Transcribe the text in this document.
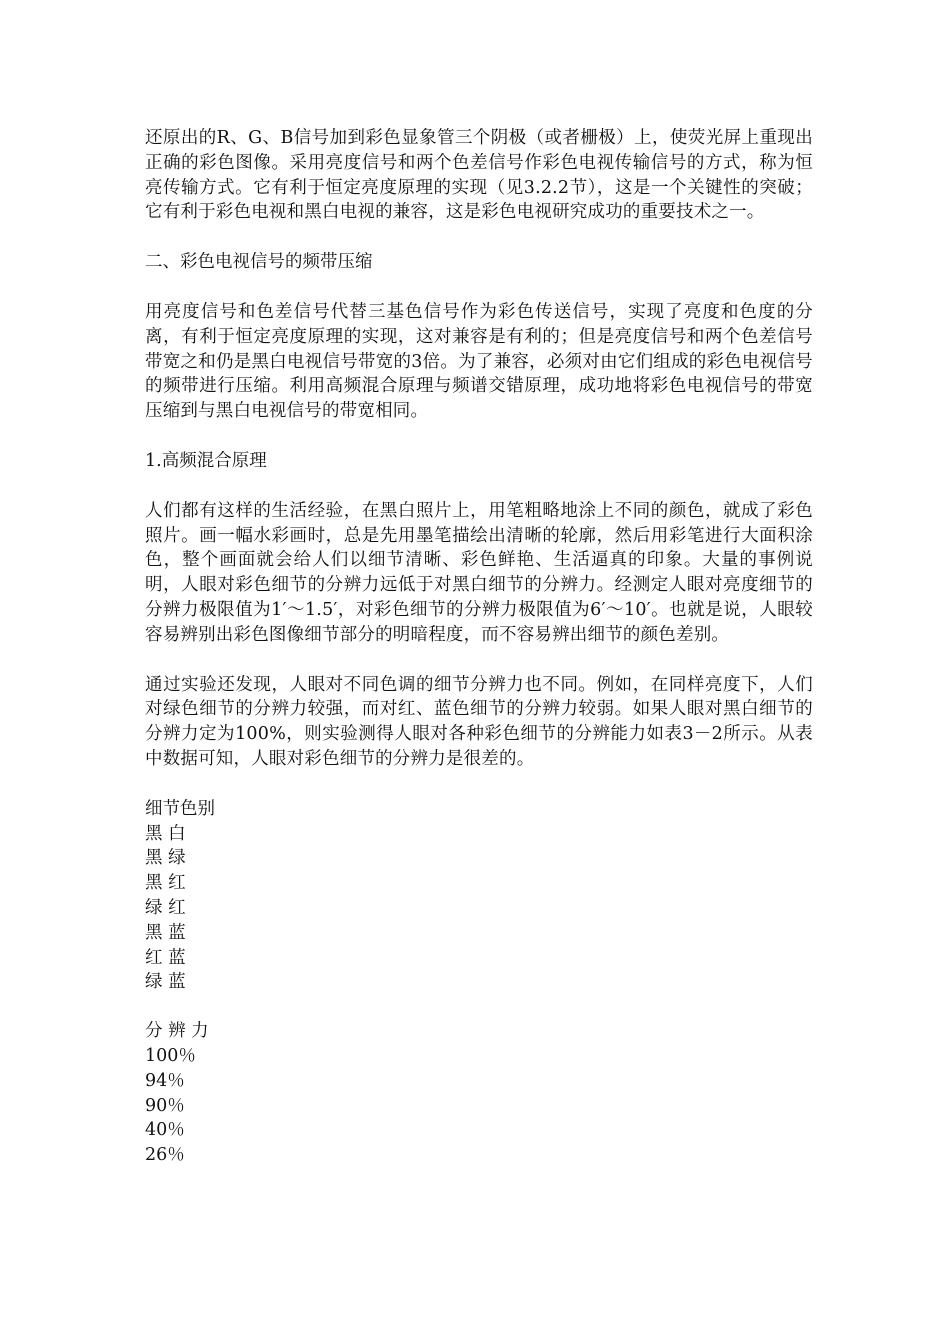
还原出的R、G、B信号加到彩色显象管三个阴极（或者栅极）上，使荧光屏上重现出正确的彩色图像。采用亮度信号和两个色差信号作彩色电视传输信号的方式，称为恒亮传输方式。它有利于恒定亮度原理的实现（见3.2.2节），这是一个关键性的突破；它有利于彩色电视和黑白电视的兼容，这是彩色电视研究成功的重要技术之一。

二、彩色电视信号的频带压缩

用亮度信号和色差信号代替三基色信号作为彩色传送信号，实现了亮度和色度的分离，有利于恒定亮度原理的实现，这对兼容是有利的；但是亮度信号和两个色差信号带宽之和仍是黑白电视信号带宽的3倍。为了兼容，必须对由它们组成的彩色电视信号的频带进行压缩。利用高频混合原理与频谱交错原理，成功地将彩色电视信号的带宽压缩到与黑白电视信号的带宽相同。

1.高频混合原理

人们都有这样的生活经验，在黑白照片上，用笔粗略地涂上不同的颜色，就成了彩色照片。画一幅水彩画时，总是先用墨笔描绘出清晰的轮廓，然后用彩笔进行大面积涂色，整个画面就会给人们以细节清晰、彩色鲜艳、生活逼真的印象。大量的事例说明，人眼对彩色细节的分辨力远低于对黑白细节的分辨力。经测定人眼对亮度细节的分辨力极限值为1′～1.5′，对彩色细节的分辨力极限值为6′～10′。也就是说，人眼较容易辨别出彩色图像细节部分的明暗程度，而不容易辨出细节的颜色差别。

通过实验还发现，人眼对不同色调的细节分辨力也不同。例如，在同样亮度下，人们对绿色细节的分辨力较强，而对红、蓝色细节的分辨力较弱。如果人眼对黑白细节的分辨力定为100%，则实验测得人眼对各种彩色细节的分辨能力如表3－2所示。从表中数据可知，人眼对彩色细节的分辨力是很差的。

细节色别
黑 白
黑 绿
黑 红
绿 红
黑 蓝
红 蓝
绿 蓝
分 辨 力
100％
94％
90％
40％
26％
